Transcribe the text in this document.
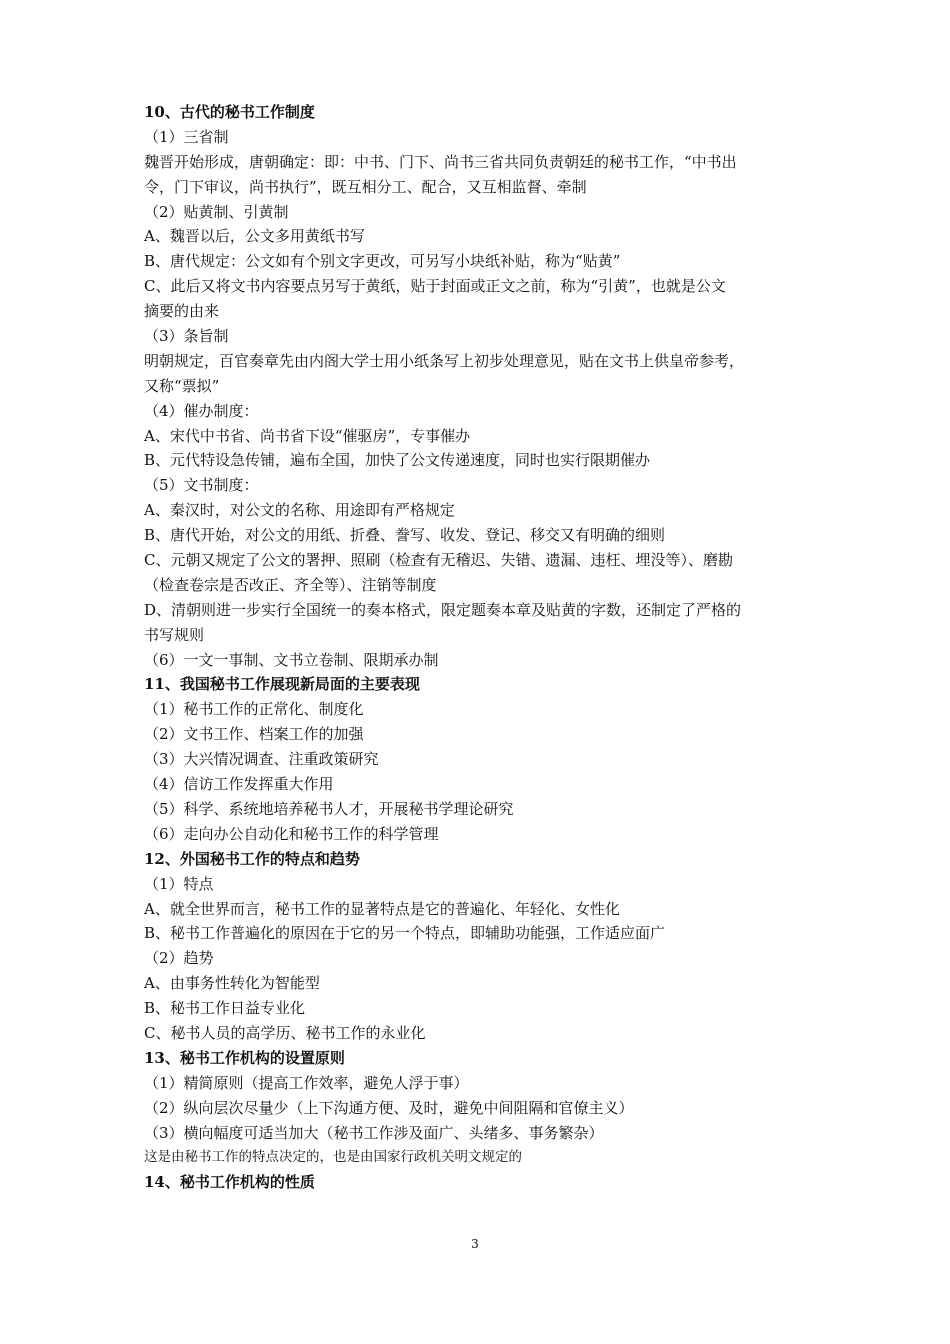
10、古代的秘书工作制度
（1）三省制
魏晋开始形成，唐朝确定：即：中书、门下、尚书三省共同负责朝廷的秘书工作，“中书出
令，门下审议，尚书执行”，既互相分工、配合，又互相监督、牵制
（2）贴黄制、引黄制
A、魏晋以后，公文多用黄纸书写
B、唐代规定：公文如有个别文字更改，可另写小块纸补贴，称为“贴黄”
C、此后又将文书内容要点另写于黄纸，贴于封面或正文之前，称为“引黄”，也就是公文
摘要的由来
（3）条旨制
明朝规定，百官奏章先由内阁大学士用小纸条写上初步处理意见，贴在文书上供皇帝参考，
又称“票拟”
（4）催办制度：
A、宋代中书省、尚书省下设“催驱房”，专事催办
B、元代特设急传铺，遍布全国，加快了公文传递速度，同时也实行限期催办
（5）文书制度：
A、秦汉时，对公文的名称、用途即有严格规定
B、唐代开始，对公文的用纸、折叠、誊写、收发、登记、移交又有明确的细则
C、元朝又规定了公文的署押、照刷（检查有无稽迟、失错、遗漏、违枉、埋没等）、磨勘
（检查卷宗是否改正、齐全等）、注销等制度
D、清朝则进一步实行全国统一的奏本格式，限定题奏本章及贴黄的字数，还制定了严格的
书写规则
（6）一文一事制、文书立卷制、限期承办制
11、我国秘书工作展现新局面的主要表现
（1）秘书工作的正常化、制度化
（2）文书工作、档案工作的加强
（3）大兴情况调查、注重政策研究
（4）信访工作发挥重大作用
（5）科学、系统地培养秘书人才，开展秘书学理论研究
（6）走向办公自动化和秘书工作的科学管理
12、外国秘书工作的特点和趋势
（1）特点
A、就全世界而言，秘书工作的显著特点是它的普遍化、年轻化、女性化
B、秘书工作普遍化的原因在于它的另一个特点，即辅助功能强，工作适应面广
（2）趋势
A、由事务性转化为智能型
B、秘书工作日益专业化
C、秘书人员的高学历、秘书工作的永业化
13、秘书工作机构的设置原则
（1）精简原则（提高工作效率，避免人浮于事）
（2）纵向层次尽量少（上下沟通方便、及时，避免中间阻隔和官僚主义）
（3）横向幅度可适当加大（秘书工作涉及面广、头绪多、事务繁杂）
这是由秘书工作的特点决定的，也是由国家行政机关明文规定的
14、秘书工作机构的性质
3
